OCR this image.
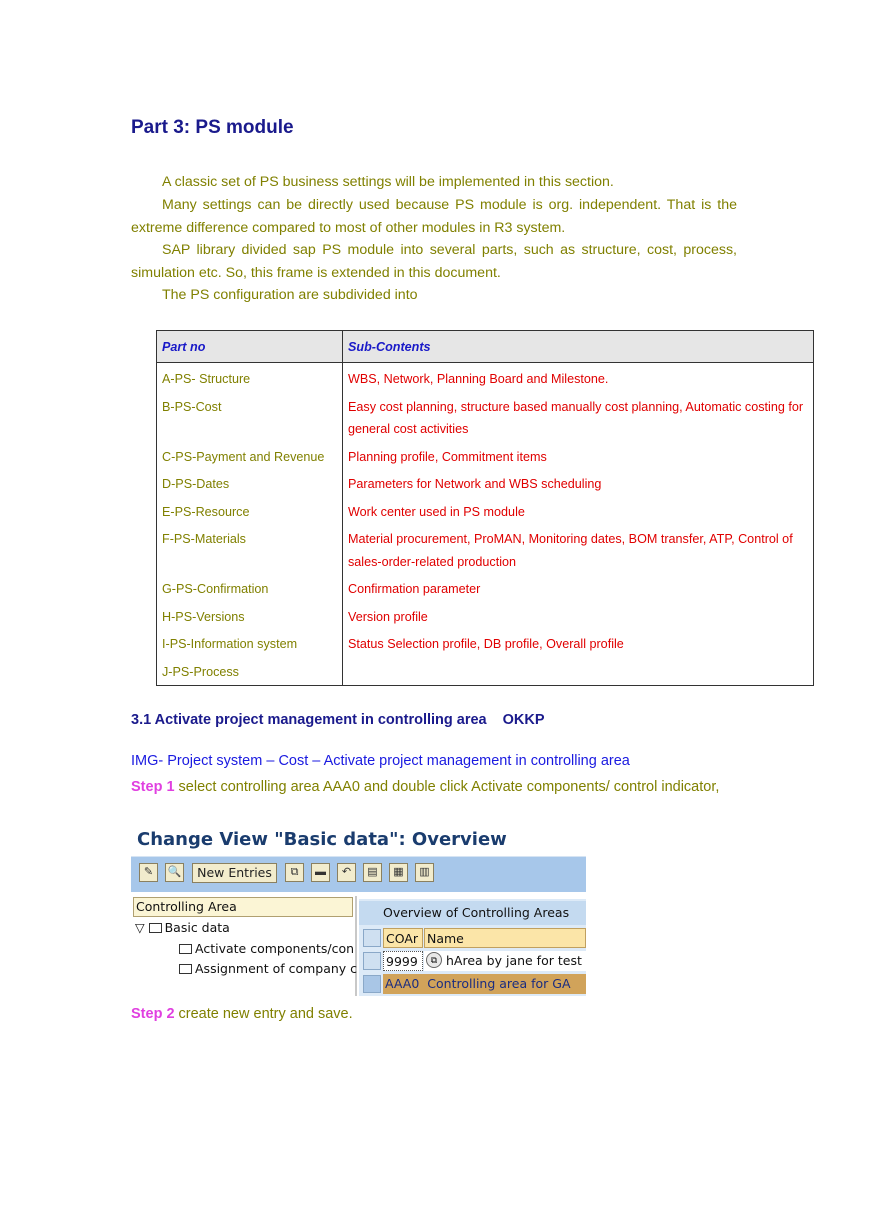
Part 3: PS module
A classic set of PS business settings will be implemented in this section.
Many settings can be directly used because PS module is org. independent. That is the extreme difference compared to most of other modules in R3 system.
SAP library divided sap PS module into several parts, such as structure, cost, process, simulation etc. So, this frame is extended in this document.
The PS configuration are subdivided into
Part no	Sub-Contents
A-PS- Structure	WBS, Network, Planning Board and Milestone.
B-PS-Cost	Easy cost planning, structure based manually cost planning, Automatic costing for general cost activities
C-PS-Payment and Revenue	Planning profile, Commitment items
D-PS-Dates	Parameters for Network and WBS scheduling
E-PS-Resource	Work center used in PS module
F-PS-Materials	Material procurement, ProMAN, Monitoring dates, BOM transfer, ATP, Control of sales-order-related production
G-PS-Confirmation	Confirmation parameter
H-PS-Versions	Version profile
I-PS-Information system	Status Selection profile, DB profile, Overall profile
J-PS-Process	
3.1 Activate project management in controlling area OKKP
IMG- Project system – Cost – Activate project management in controlling area
Step 1 select controlling area AAA0 and double click Activate components/ control indicator,
Change View "Basic data": Overview
✎	🔍	New Entries	⧉	▬	↶	▤	▦	▥
Controlling Area
▽ Basic data
Activate components/con
Assignment of company c
Overview of Controlling Areas
COAr Name
9999	⧉ hArea by jane for test
AAA0 Controlling area for GA
Step 2 create new entry and save.
